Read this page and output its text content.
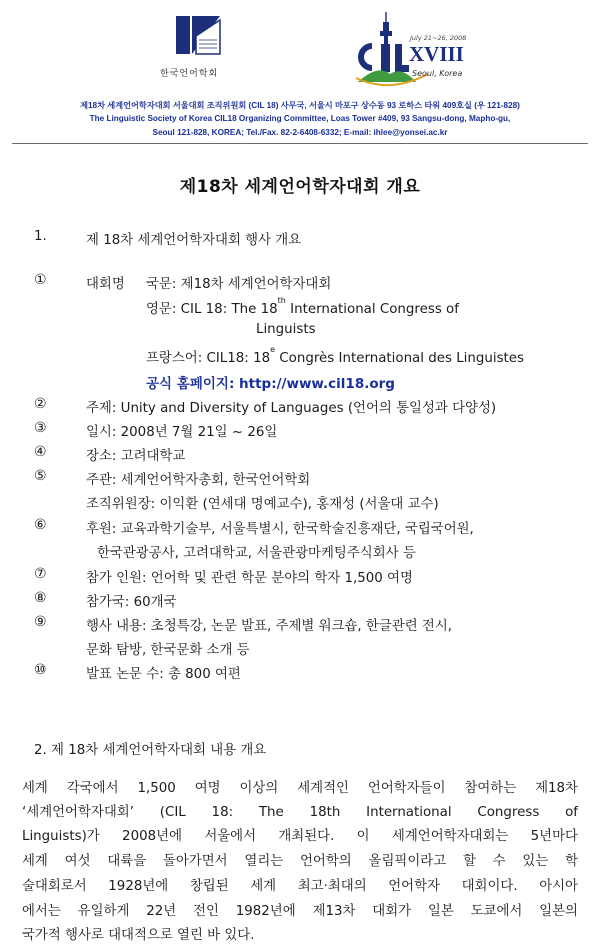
한국언어학회
July 21~26, 2008
XVIII
Seoul, Korea
제18차 세계언어학자대회 서울대회 조직위원회 (CIL 18) 사무국, 서울시 마포구 상수동 93 로하스 타워 409호실 (우 121-828)
The Linguistic Society of Korea CIL18 Organizing Committee, Loas Tower #409, 93 Sangsu-dong, Mapho-gu,
Seoul 121-828, KOREA; Tel./Fax. 82-2-6408-6332; E-mail: ihlee@yonsei.ac.kr
제18차 세계언어학자대회 개요
1.	제 18차 세계언어학자대회 행사 개요
①	대회명 국문: 제18차 세계언어학자대회
영문: CIL 18: The 18th International Congress of
Linguists
프랑스어: CIL18: 18e Congrès International des Linguistes
공식 홈페이지: http://www.cil18.org
②	주제: Unity and Diversity of Languages (언어의 통일성과 다양성)
③	일시: 2008년 7월 21일 ~ 26일
④	장소: 고려대학교
⑤	주관: 세계언어학자총회, 한국언어학회
조직위원장: 이익환 (연세대 명예교수), 홍재성 (서울대 교수)
⑥	후원: 교육과학기술부, 서울특별시, 한국학술진흥재단, 국립국어원,
한국관광공사, 고려대학교, 서울관광마케팅주식회사 등
⑦	참가 인원: 언어학 및 관련 학문 분야의 학자 1,500 여명
⑧	참가국: 60개국
⑨	행사 내용: 초청특강, 논문 발표, 주제별 워크숍, 한글관련 전시,
문화 탐방, 한국문화 소개 등
⑩	발표 논문 수: 총 800 여편
2. 제 18차 세계언어학자대회 내용 개요
세계 각국에서 1,500 여명 이상의 세계적인 언어학자들이 참여하는 제18차
‘세계언어학자대회’ (CIL 18: The 18th International Congress of
Linguists)가 2008년에 서울에서 개최된다. 이 세계언어학자대회는 5년마다
세계 여섯 대륙을 돌아가면서 열리는 언어학의 올림픽이라고 할 수 있는 학
술대회로서 1928년에 창립된 세계 최고·최대의 언어학자 대회이다. 아시아
에서는 유일하게 22년 전인 1982년에 제13차 대회가 일본 도쿄에서 일본의
국가적 행사로 대대적으로 열린 바 있다.
